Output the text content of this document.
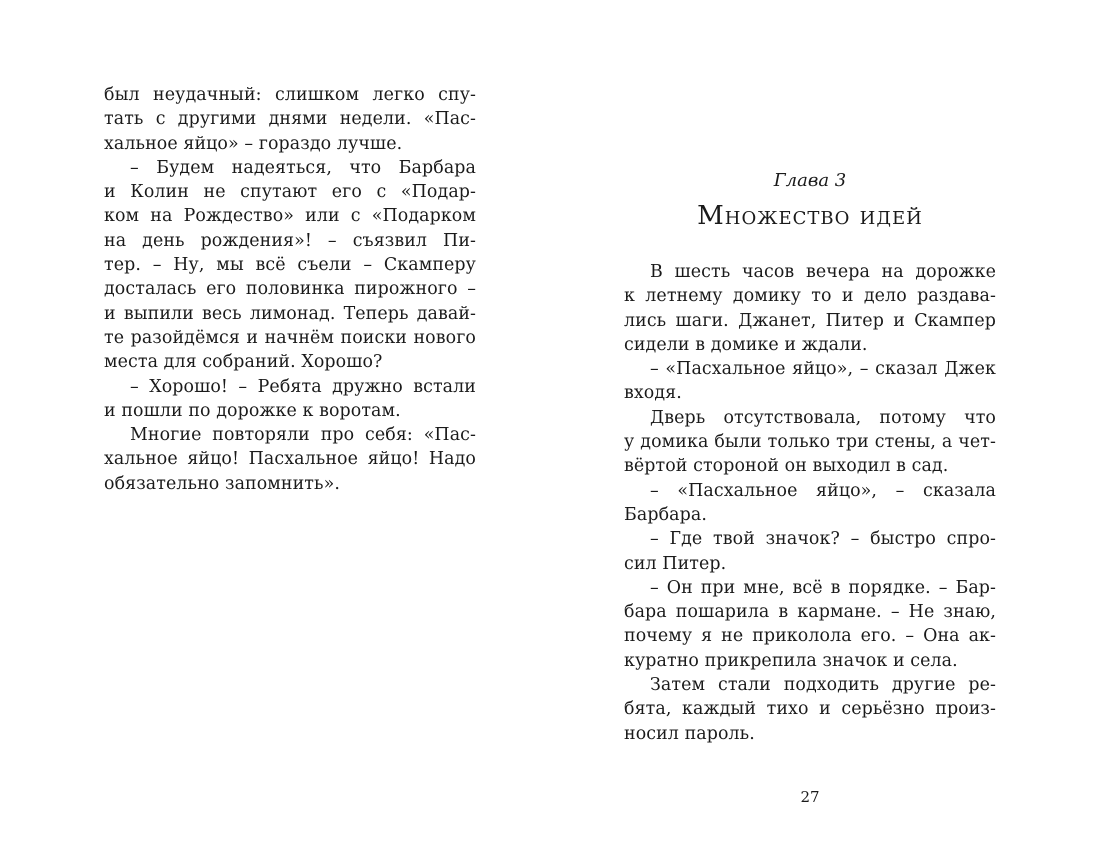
был неудачный: слишком легко спу-
тать с другими днями недели. «Пас-
хальное яйцо» – гораздо лучше.

– Будем надеяться, что Барбара
и Колин не спутают его с «Подар-
ком на Рождество» или с «Подарком
на день рождения»! – съязвил Пи-
тер. – Ну, мы всё съели – Скамперу
досталась его половинка пирожного –
и выпили весь лимонад. Теперь давай-
те разойдёмся и начнём поиски нового
места для собраний. Хорошо?

– Хорошо! – Ребята дружно встали
и пошли по дорожке к воротам.

Многие повторяли про себя: «Пас-
хальное яйцо! Пасхальное яйцо! Надо
обязательно запомнить».

Глава 3
Множество идей

В шесть часов вечера на дорожке
к летнему домику то и дело раздава-
лись шаги. Джанет, Питер и Скампер
сидели в домике и ждали.

– «Пасхальное яйцо», – сказал Джек
входя.

Дверь отсутствовала, потому что
у домика были только три стены, а чет-
вёртой стороной он выходил в сад.

– «Пасхальное яйцо», – сказала
Барбара.

– Где твой значок? – быстро спро-
сил Питер.

– Он при мне, всё в порядке. – Бар-
бара пошарила в кармане. – Не знаю,
почему я не приколола его. – Она ак-
куратно прикрепила значок и села.

Затем стали подходить другие ре-
бята, каждый тихо и серьёзно произ-
носил пароль.

27
